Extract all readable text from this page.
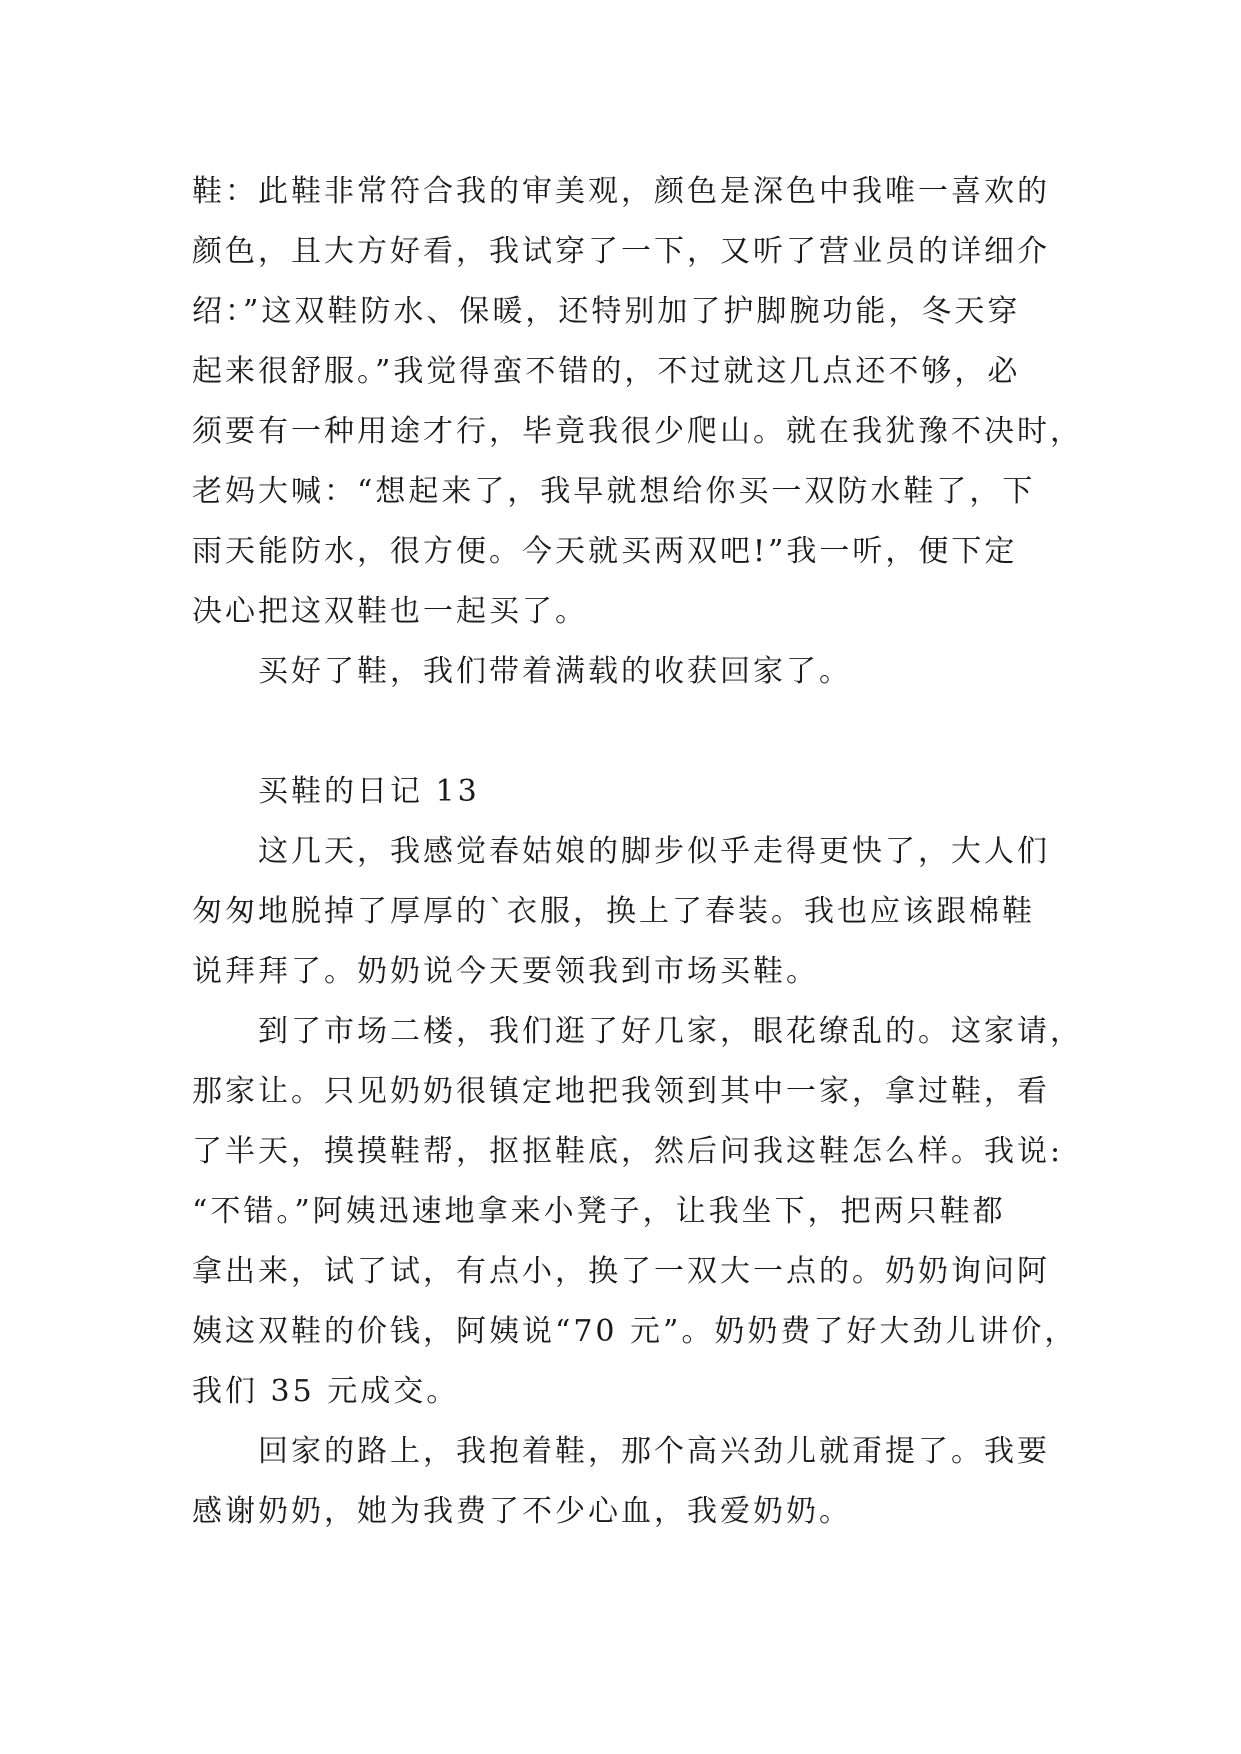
鞋：此鞋非常符合我的审美观，颜色是深色中我唯一喜欢的
颜色，且大方好看，我试穿了一下，又听了营业员的详细介
绍：”这双鞋防水、保暖，还特别加了护脚腕功能，冬天穿
起来很舒服。”我觉得蛮不错的，不过就这几点还不够，必
须要有一种用途才行，毕竟我很少爬山。就在我犹豫不决时，
老妈大喊：“想起来了，我早就想给你买一双防水鞋了，下
雨天能防水，很方便。今天就买两双吧!”我一听，便下定
决心把这双鞋也一起买了。
买好了鞋，我们带着满载的收获回家了。
买鞋的日记 13
这几天，我感觉春姑娘的脚步似乎走得更快了，大人们
匆匆地脱掉了厚厚的`衣服，换上了春装。我也应该跟棉鞋
说拜拜了。奶奶说今天要领我到市场买鞋。
到了市场二楼，我们逛了好几家，眼花缭乱的。这家请，
那家让。只见奶奶很镇定地把我领到其中一家，拿过鞋，看
了半天，摸摸鞋帮，抠抠鞋底，然后问我这鞋怎么样。我说:
“不错。”阿姨迅速地拿来小凳子，让我坐下，把两只鞋都
拿出来，试了试，有点小，换了一双大一点的。奶奶询问阿
姨这双鞋的价钱，阿姨说“70 元”。奶奶费了好大劲儿讲价，
我们 35 元成交。
回家的路上，我抱着鞋，那个高兴劲儿就甭提了。我要
感谢奶奶，她为我费了不少心血，我爱奶奶。
